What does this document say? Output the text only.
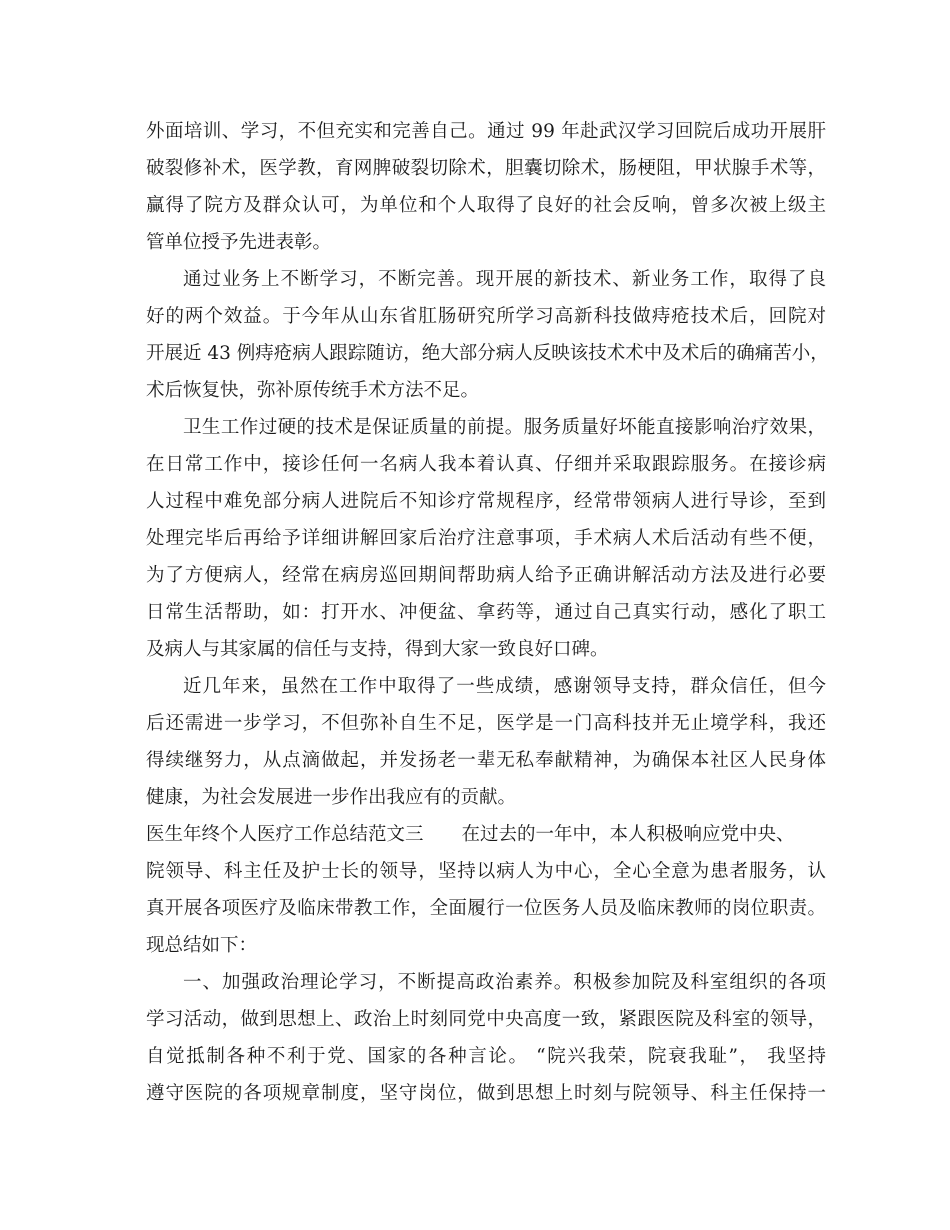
外面培训、学习，不但充实和完善自己。通过 99 年赴武汉学习回院后成功开展肝
破裂修补术，医学教，育网脾破裂切除术，胆囊切除术，肠梗阻，甲状腺手术等，
赢得了院方及群众认可，为单位和个人取得了良好的社会反响，曾多次被上级主
管单位授予先进表彰。
通过业务上不断学习，不断完善。现开展的新技术、新业务工作，取得了良
好的两个效益。于今年从山东省肛肠研究所学习高新科技做痔疮技术后，回院对
开展近 43 例痔疮病人跟踪随访，绝大部分病人反映该技术术中及术后的确痛苦小，
术后恢复快，弥补原传统手术方法不足。
卫生工作过硬的技术是保证质量的前提。服务质量好坏能直接影响治疗效果，
在日常工作中，接诊任何一名病人我本着认真、仔细并采取跟踪服务。在接诊病
人过程中难免部分病人进院后不知诊疗常规程序，经常带领病人进行导诊，至到
处理完毕后再给予详细讲解回家后治疗注意事项，手术病人术后活动有些不便，
为了方便病人，经常在病房巡回期间帮助病人给予正确讲解活动方法及进行必要
日常生活帮助，如：打开水、冲便盆、拿药等，通过自己真实行动，感化了职工
及病人与其家属的信任与支持，得到大家一致良好口碑。
近几年来，虽然在工作中取得了一些成绩，感谢领导支持，群众信任，但今
后还需进一步学习，不但弥补自生不足，医学是一门高科技并无止境学科，我还
得续继努力，从点滴做起，并发扬老一辈无私奉献精神，为确保本社区人民身体
健康，为社会发展进一步作出我应有的贡献。
医生年终个人医疗工作总结范文三 在过去的一年中，本人积极响应党中央、
院领导、科主任及护士长的领导，坚持以病人为中心，全心全意为患者服务，认
真开展各项医疗及临床带教工作，全面履行一位医务人员及临床教师的岗位职责。
现总结如下：
一、加强政治理论学习，不断提高政治素养。积极参加院及科室组织的各项
学习活动，做到思想上、政治上时刻同党中央高度一致，紧跟医院及科室的领导，
自觉抵制各种不利于党、国家的各种言论。 “院兴我荣，院衰我耻”， 我坚持
遵守医院的各项规章制度，坚守岗位，做到思想上时刻与院领导、科主任保持一
